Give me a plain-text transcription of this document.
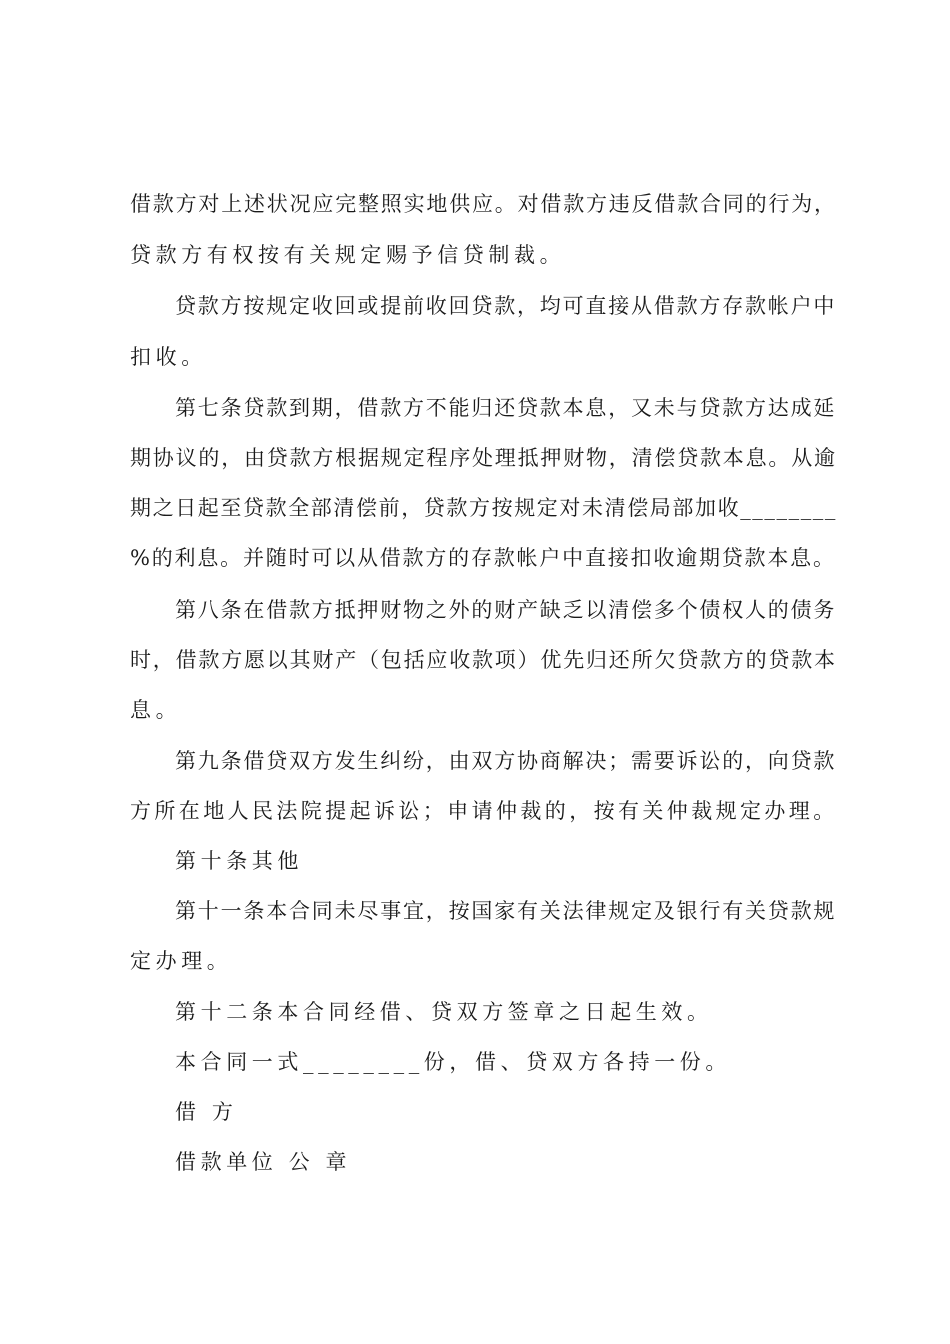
借款方对上述状况应完整照实地供应。对借款方违反借款合同的行为，
贷款方有权按有关规定赐予信贷制裁。
贷款方按规定收回或提前收回贷款，均可直接从借款方存款帐户中
扣收。
第七条贷款到期，借款方不能归还贷款本息，又未与贷款方达成延
期协议的，由贷款方根据规定程序处理抵押财物，清偿贷款本息。从逾
期之日起至贷款全部清偿前，贷款方按规定对未清偿局部加收________
%的利息。并随时可以从借款方的存款帐户中直接扣收逾期贷款本息。
第八条在借款方抵押财物之外的财产缺乏以清偿多个债权人的债务
时，借款方愿以其财产（包括应收款项）优先归还所欠贷款方的贷款本
息。
第九条借贷双方发生纠纷，由双方协商解决；需要诉讼的，向贷款
方所在地人民法院提起诉讼；申请仲裁的，按有关仲裁规定办理。
第十条其他
第十一条本合同未尽事宜，按国家有关法律规定及银行有关贷款规
定办理。
第十二条本合同经借、贷双方签章之日起生效。
本合同一式________份，借、贷双方各持一份。
借 方
借款单位 公 章
